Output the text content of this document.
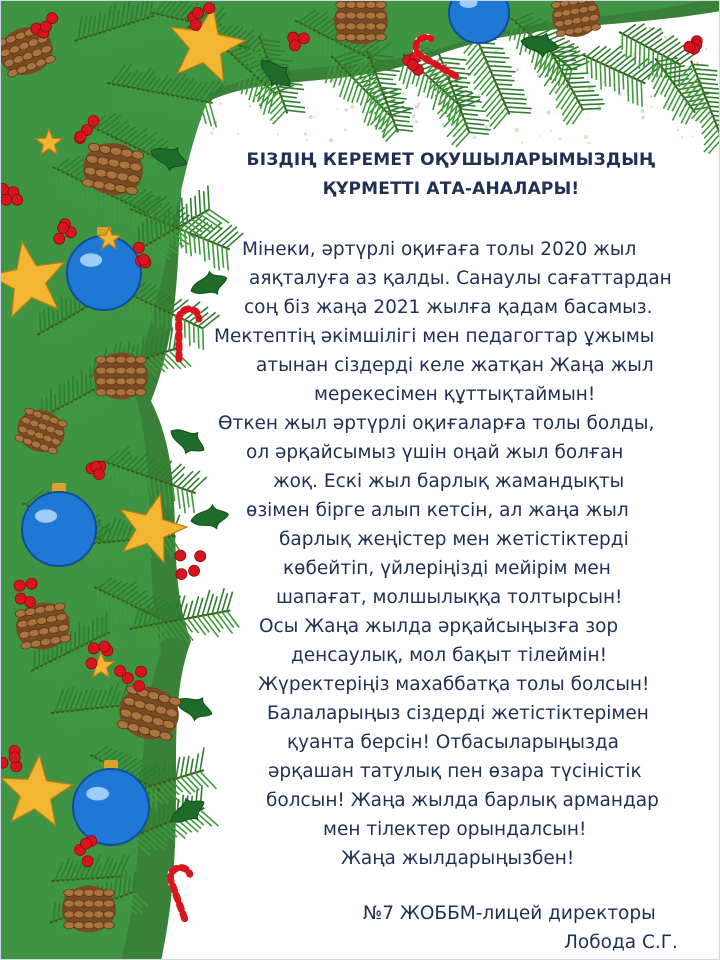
БІЗДІҢ КЕРЕМЕТ ОҚУШЫЛАРЫМЫЗДЫҢ

ҚҰРМЕТТІ АТА-АНАЛАРЫ!

Мінеки, әртүрлі оқиғаға толы 2020 жыл

аяқталуға аз қалды. Санаулы сағаттардан

соң біз жаңа 2021 жылға қадам басамыз.

Мектептің әкімшілігі мен педагогтар ұжымы

атынан сіздерді келе жатқан Жаңа жыл

мерекесімен құттықтаймын!

Өткен жыл әртүрлі оқиғаларға толы болды,

ол әрқайсымыз үшін оңай жыл болған

жоқ. Ескі жыл барлық жамандықты

өзімен бірге алып кетсін, ал жаңа жыл

барлық жеңістер мен жетістіктерді

көбейтіп, үйлеріңізді мейірім мен

шапағат, молшылыққа толтырсын!

Осы Жаңа жылда әрқайсыңызға зор

денсаулық, мол бақыт тілеймін!

Жүректеріңіз махаббатқа толы болсын!

Балаларыңыз сіздерді жетістіктерімен

қуанта берсін! Отбасыларыңызда

әрқашан татулық пен өзара түсіністік

болсын! Жаңа жылда барлық армандар

мен тілектер орындалсын!

Жаңа жылдарыңызбен!

№7 ЖОББМ-лицей директоры

Лобода С.Г.
